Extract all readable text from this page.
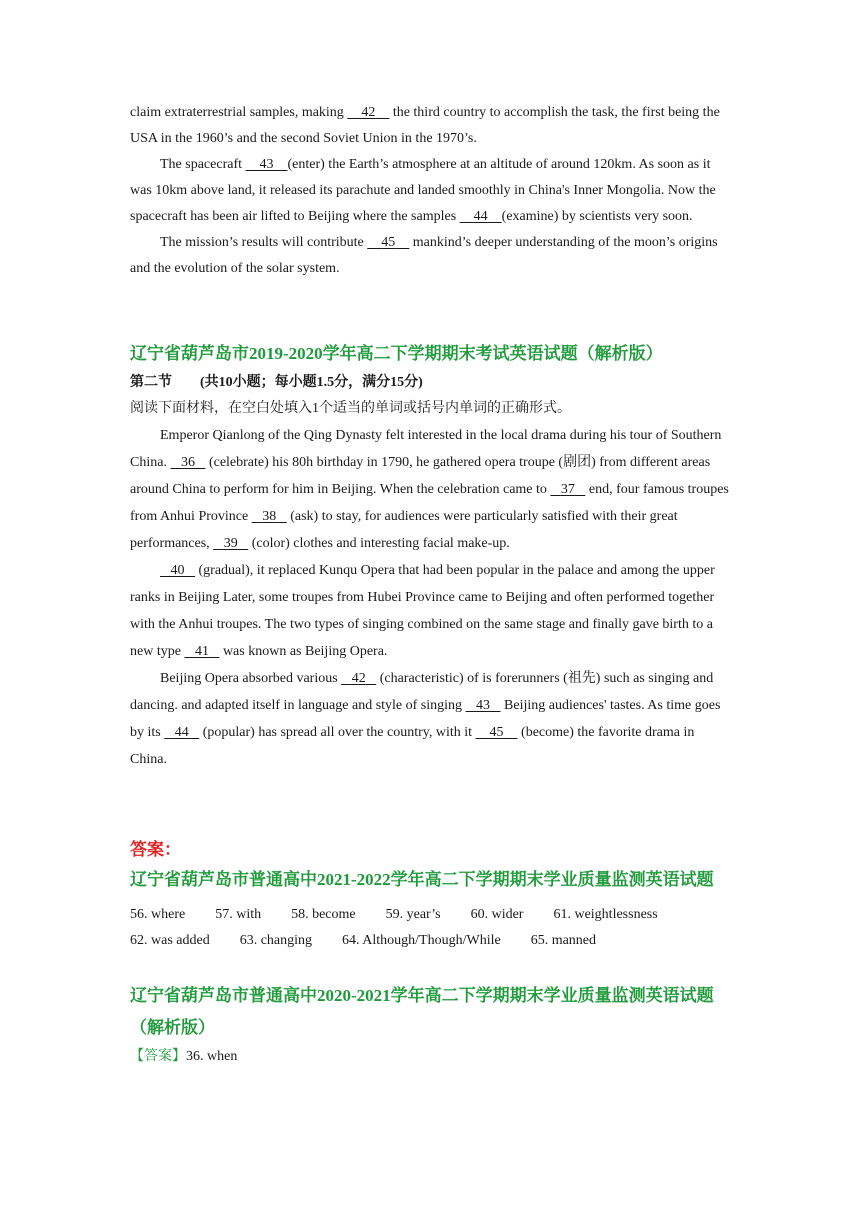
claim extraterrestrial samples, making     42     the third country to accomplish the task, the first being the USA in the 1960’s and the second Soviet Union in the 1970’s.

The spacecraft     43 (enter) the Earth’s atmosphere at an altitude of around 120km. As soon as it was 10km above land, it released its parachute and landed smoothly in China's Inner Mongolia. Now the spacecraft has been air lifted to Beijing where the samples     44 (examine) by scientists very soon.

The mission’s results will contribute     45     mankind’s deeper understanding of the moon’s origins and the evolution of the solar system.

辽宁省葫芦岛市2019-2020学年高二下学期期末考试英语试题（解析版）

第二节　　(共10小题；每小题1.5分，满分15分)

阅读下面材料，在空白处填入1个适当的单词或括号内单词的正确形式。

Emperor Qianlong of the Qing Dynasty felt interested in the local drama during his tour of Southern China.    36    (celebrate) his 80h birthday in 1790, he gathered opera troupe (剧团) from different areas around China to perform for him in Beijing. When the celebration came to    37    end, four famous troupes from Anhui Province    38    (ask) to stay, for audiences were particularly satisfied with their great performances,    39    (color) clothes and interesting facial make-up.

40    (gradual), it replaced Kunqu Opera that had been popular in the palace and among the upper ranks in Beijing Later, some troupes from Hubei Province came to Beijing and often performed together with the Anhui troupes. The two types of singing combined on the same stage and finally gave birth to a new type    41    was known as Beijing Opera.

Beijing Opera absorbed various    42    (characteristic) of is forerunners (祖先) such as singing and dancing. and adapted itself in language and style of singing    43    Beijing audiences' tastes. As time goes by its    44    (popular) has spread all over the country, with it     45     (become) the favorite drama in China.

答案：

辽宁省葫芦岛市普通高中2021-2022学年高二下学期期末学业质量监测英语试题

56. where 57. with 58. become 59. year’s 60. wider 61. weightlessness
62. was added 63. changing 64. Although/Though/While 65. manned

辽宁省葫芦岛市普通高中2020-2021学年高二下学期期末学业质量监测英语试题（解析版）

【答案】36. when
